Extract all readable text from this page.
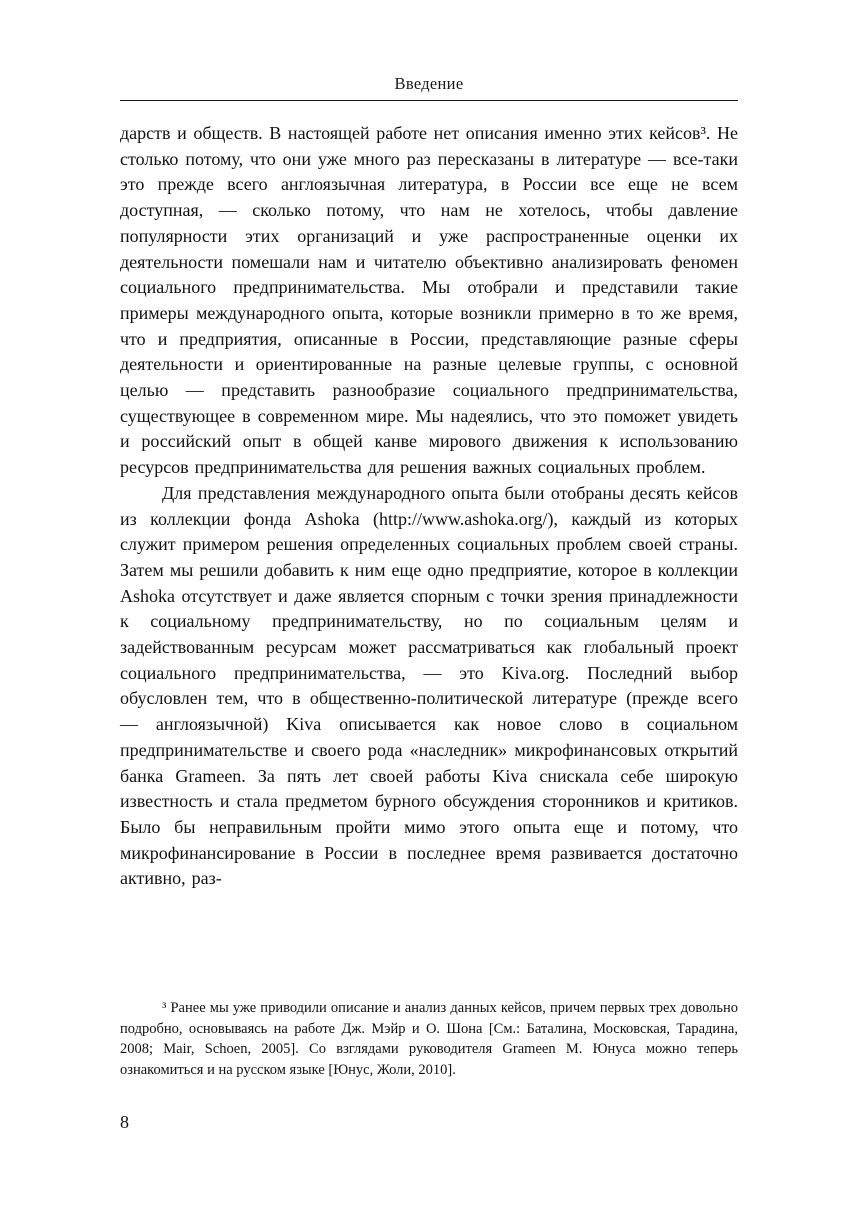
Введение

дарств и обществ. В настоящей работе нет описания именно этих кейсов³. Не столько потому, что они уже много раз пересказаны в литературе — все-таки это прежде всего англоязычная литература, в России все еще не всем доступная, — сколько потому, что нам не хотелось, чтобы давление популярности этих организаций и уже распространенные оценки их деятельности помешали нам и читателю объективно анализировать феномен социального предпринимательства. Мы отобрали и представили такие примеры международного опыта, которые возникли примерно в то же время, что и предприятия, описанные в России, представляющие разные сферы деятельности и ориентированные на разные целевые группы, с основной целью — представить разнообразие социального предпринимательства, существующее в современном мире. Мы надеялись, что это поможет увидеть и российский опыт в общей канве мирового движения к использованию ресурсов предпринимательства для решения важных социальных проблем.

Для представления международного опыта были отобраны десять кейсов из коллекции фонда Ashoka (http://www.ashoka.org/), каждый из которых служит примером решения определенных социальных проблем своей страны. Затем мы решили добавить к ним еще одно предприятие, которое в коллекции Ashoka отсутствует и даже является спорным с точки зрения принадлежности к социальному предпринимательству, но по социальным целям и задействованным ресурсам может рассматриваться как глобальный проект социального предпринимательства, — это Kiva.org. Последний выбор обусловлен тем, что в общественно-политической литературе (прежде всего — англоязычной) Kiva описывается как новое слово в социальном предпринимательстве и своего рода «наследник» микрофинансовых открытий банка Grameen. За пять лет своей работы Kiva снискала себе широкую известность и стала предметом бурного обсуждения сторонников и критиков. Было бы неправильным пройти мимо этого опыта еще и потому, что микрофинансирование в России в последнее время развивается достаточно активно, раз-

³ Ранее мы уже приводили описание и анализ данных кейсов, причем первых трех довольно подробно, основываясь на работе Дж. Мэйр и О. Шона [См.: Баталина, Московская, Тарадина, 2008; Mair, Schoen, 2005]. Со взглядами руководителя Grameen М. Юнуса можно теперь ознакомиться и на русском языке [Юнус, Жоли, 2010].

8
